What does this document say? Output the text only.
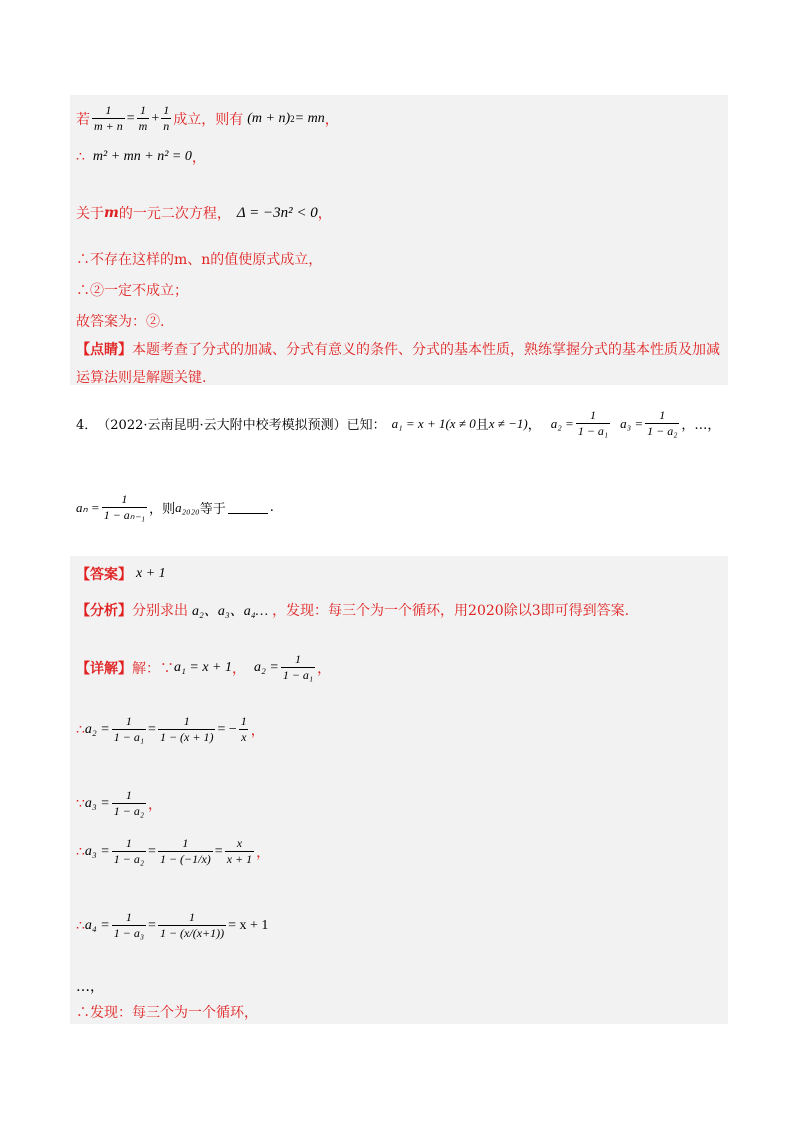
若 $\frac{1}{m + n} = \frac{1}{m} + \frac{1}{n}$ 成立，则有 (m + n) 2 = mn ，
∴ m² + mn + n² = 0 ，
关于 m 的一元二次方程， Δ = −3n² < 0 ，
∴不存在这样的m、n的值使原式成立，
∴②一定不成立；
故答案为：②.
【点睛】 本题考查了分式的加减、分式有意义的条件、分式的基本性质，熟练掌握分式的基本性质及加减
运算法则是解题关键.
4． （2022·云南昆明·云大附中校考模拟预测）已知： a₁ = x + 1(x ≠ 0 且 x ≠ −1) ， $a_2 = \frac{1}{\text{1 − a₁}} a_3 = \frac{1}{\text{1 − a₂}}$ ，…，
$a_n = \frac{1}{\text{1 − aₙ₋₁}}$ ，则 a₂₀₂₀ 等于	.
【答案】 x + 1
【分析】 分别求出 a₂、a₃、a₄… ，发现：每三个为一个循环，用2020除以3即可得到答案.
【详解】 解：∵ a₁ = x + 1 ， $a_2 = \frac{1}{\text{1 − a₁}}$ ，
∴ $a_2 = \frac{1}{\text{1 − a₁}} = \frac{1}{1 - (x + 1)}$ = − $\frac{1}{x}$ ，
∵ $a_3 = \frac{1}{\text{1 − a₂}}$ ，
∴ $a_3 = \frac{1}{\text{1 − a₂}} = \frac{1}{1 - (-1/x)} = \frac{x}{x + 1}$ ，
∴ $a_4 = \frac{1}{\text{1 − a₃}} = \frac{1}{1 - (x/(x+1))} = x + 1$
…，
∴发现：每三个为一个循环，
